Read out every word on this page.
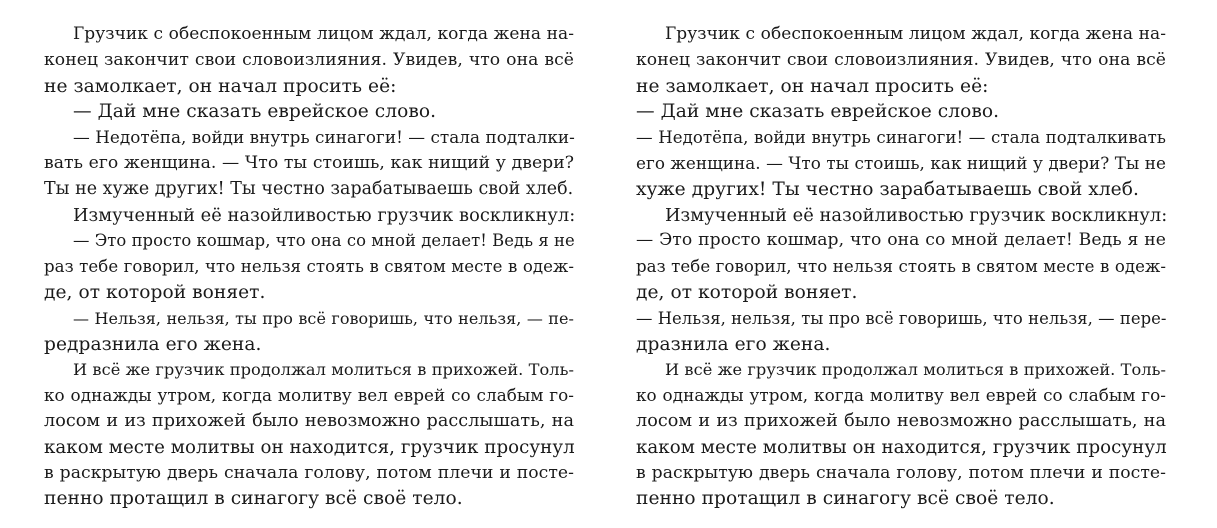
Грузчик с обеспокоенным лицом ждал, когда жена на-
конец закончит свои словоизлияния. Увидев, что она всё
не замолкает, он начал просить её:
— Дай мне сказать еврейское слово.
— Недотёпа, войди внутрь синагоги! — стала подталки-
вать его женщина. — Что ты стоишь, как нищий у двери?
Ты не хуже других! Ты честно зарабатываешь свой хлеб.
Измученный её назойливостью грузчик воскликнул:
— Это просто кошмар, что она со мной делает! Ведь я не
раз тебе говорил, что нельзя стоять в святом месте в одеж-
де, от которой воняет.
— Нельзя, нельзя, ты про всё говоришь, что нельзя, — пе-
редразнила его жена.
И всё же грузчик продолжал молиться в прихожей. Толь-
ко однажды утром, когда молитву вел еврей со слабым го-
лосом и из прихожей было невозможно расслышать, на
каком месте молитвы он находится, грузчик просунул
в раскрытую дверь сначала голову, потом плечи и посте-
пенно протащил в синагогу всё своё тело.
Грузчик с обеспокоенным лицом ждал, когда жена на-
конец закончит свои словоизлияния. Увидев, что она всё
не замолкает, он начал просить её:
— Дай мне сказать еврейское слово.
— Недотёпа, войди внутрь синагоги! — стала подталкивать
его женщина. — Что ты стоишь, как нищий у двери? Ты не
хуже других! Ты честно зарабатываешь свой хлеб.
Измученный её назойливостью грузчик воскликнул:
— Это просто кошмар, что она со мной делает! Ведь я не
раз тебе говорил, что нельзя стоять в святом месте в одеж-
де, от которой воняет.
— Нельзя, нельзя, ты про всё говоришь, что нельзя, — пере-
дразнила его жена.
И всё же грузчик продолжал молиться в прихожей. Толь-
ко однажды утром, когда молитву вел еврей со слабым го-
лосом и из прихожей было невозможно расслышать, на
каком месте молитвы он находится, грузчик просунул
в раскрытую дверь сначала голову, потом плечи и посте-
пенно протащил в синагогу всё своё тело.
